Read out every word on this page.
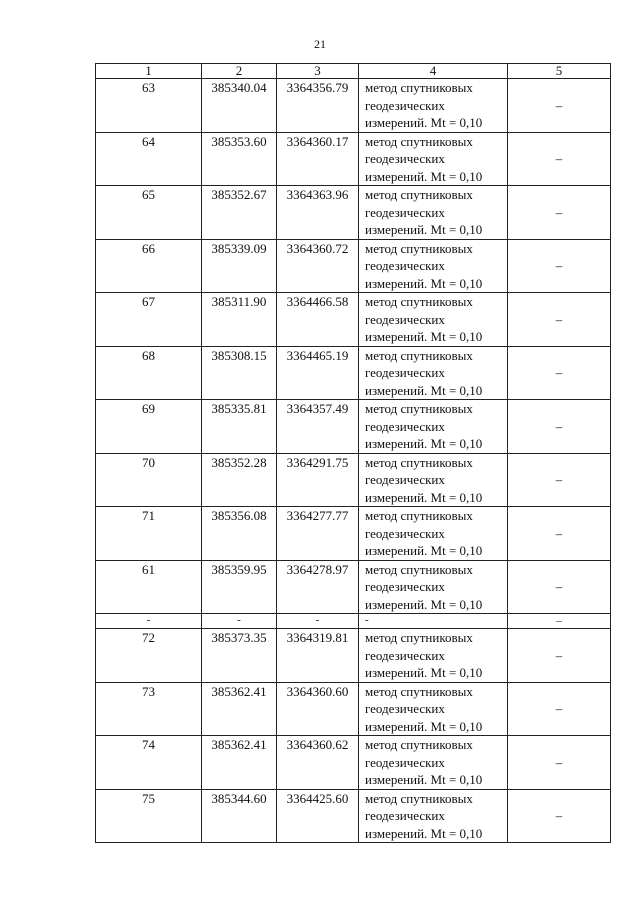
21
1	2	3	4	5
63	385340.04	3364356.79	метод спутниковых
геодезических
измерений. Mt = 0,10	–
64	385353.60	3364360.17	метод спутниковых
геодезических
измерений. Mt = 0,10	–
65	385352.67	3364363.96	метод спутниковых
геодезических
измерений. Mt = 0,10	–
66	385339.09	3364360.72	метод спутниковых
геодезических
измерений. Mt = 0,10	–
67	385311.90	3364466.58	метод спутниковых
геодезических
измерений. Mt = 0,10	–
68	385308.15	3364465.19	метод спутниковых
геодезических
измерений. Mt = 0,10	–
69	385335.81	3364357.49	метод спутниковых
геодезических
измерений. Mt = 0,10	–
70	385352.28	3364291.75	метод спутниковых
геодезических
измерений. Mt = 0,10	–
71	385356.08	3364277.77	метод спутниковых
геодезических
измерений. Mt = 0,10	–
61	385359.95	3364278.97	метод спутниковых
геодезических
измерений. Mt = 0,10	–
-	-	-	-	–
72	385373.35	3364319.81	метод спутниковых
геодезических
измерений. Mt = 0,10	–
73	385362.41	3364360.60	метод спутниковых
геодезических
измерений. Mt = 0,10	–
74	385362.41	3364360.62	метод спутниковых
геодезических
измерений. Mt = 0,10	–
75	385344.60	3364425.60	метод спутниковых
геодезических
измерений. Mt = 0,10	–
